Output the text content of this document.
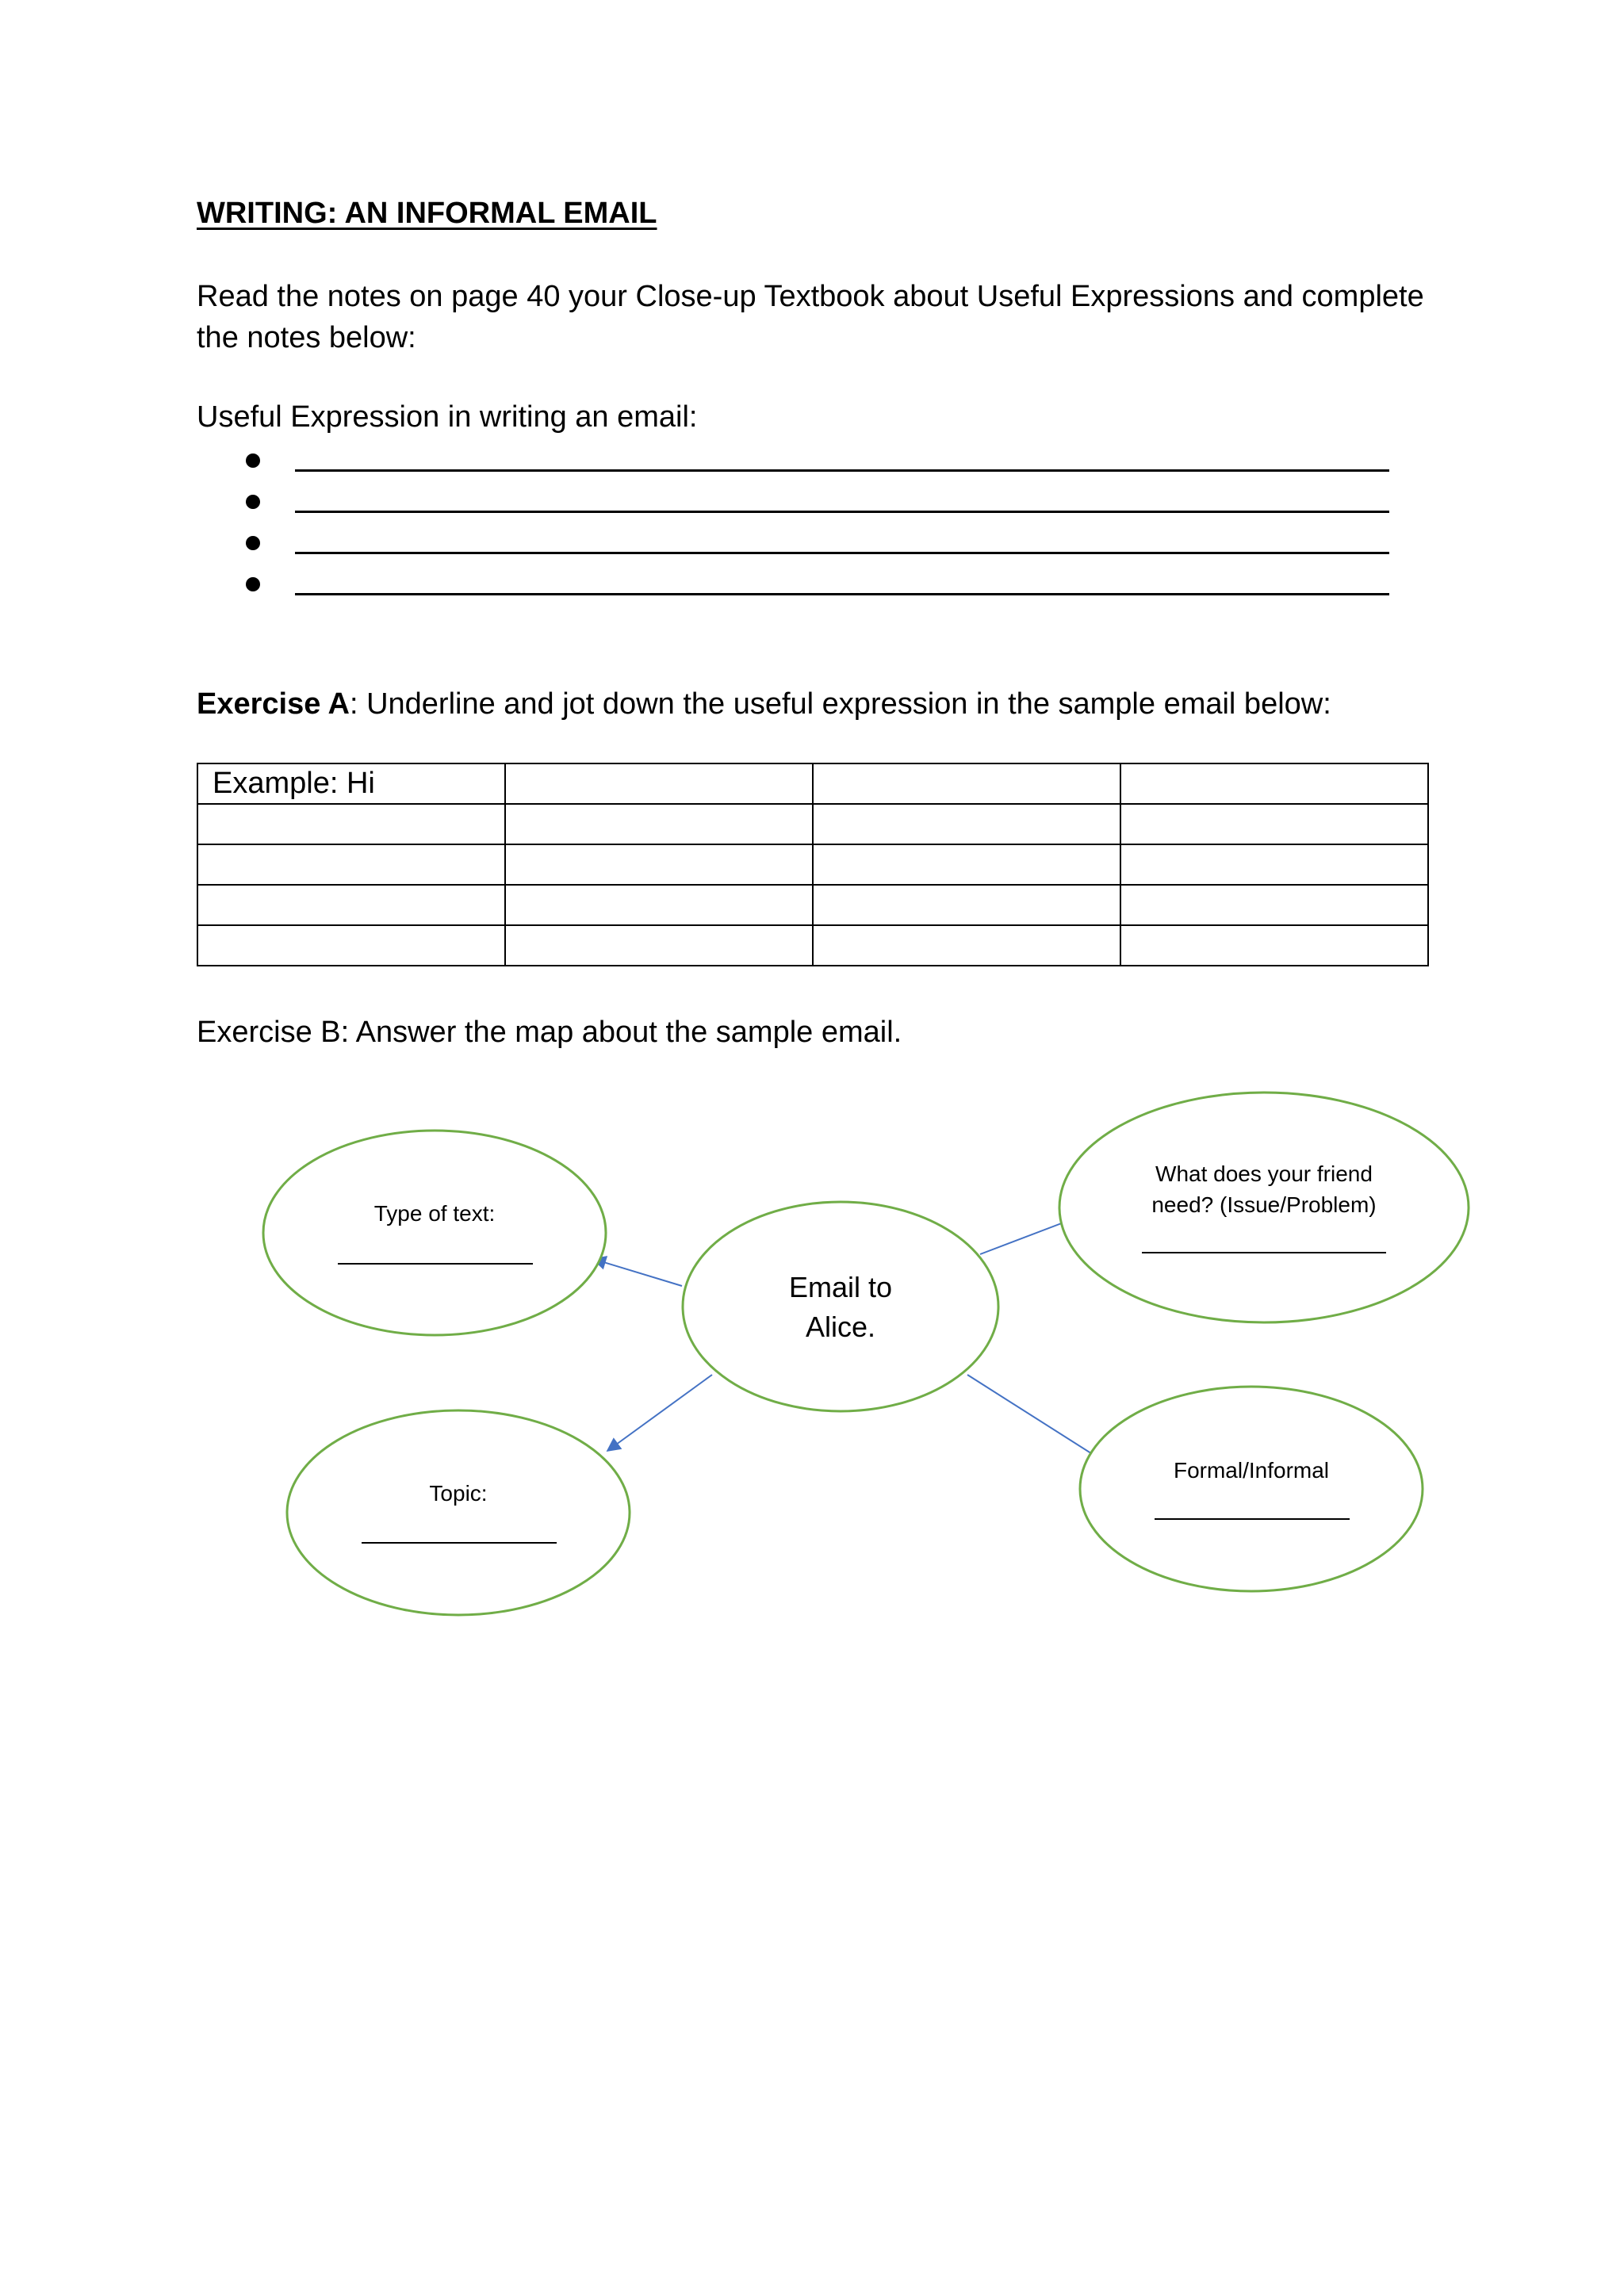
WRITING: AN INFORMAL EMAIL
Read the notes on page 40 your Close-up Textbook about Useful Expressions and complete the notes below:
Useful Expression in writing an email:
Exercise A: Underline and jot down the useful expression in the sample email below:
Example: Hi			

Exercise B: Answer the map about the sample email.
Email to
Alice.
Type of text:
What does your friend
need? (Issue/Problem)
Topic:
Formal/Informal
